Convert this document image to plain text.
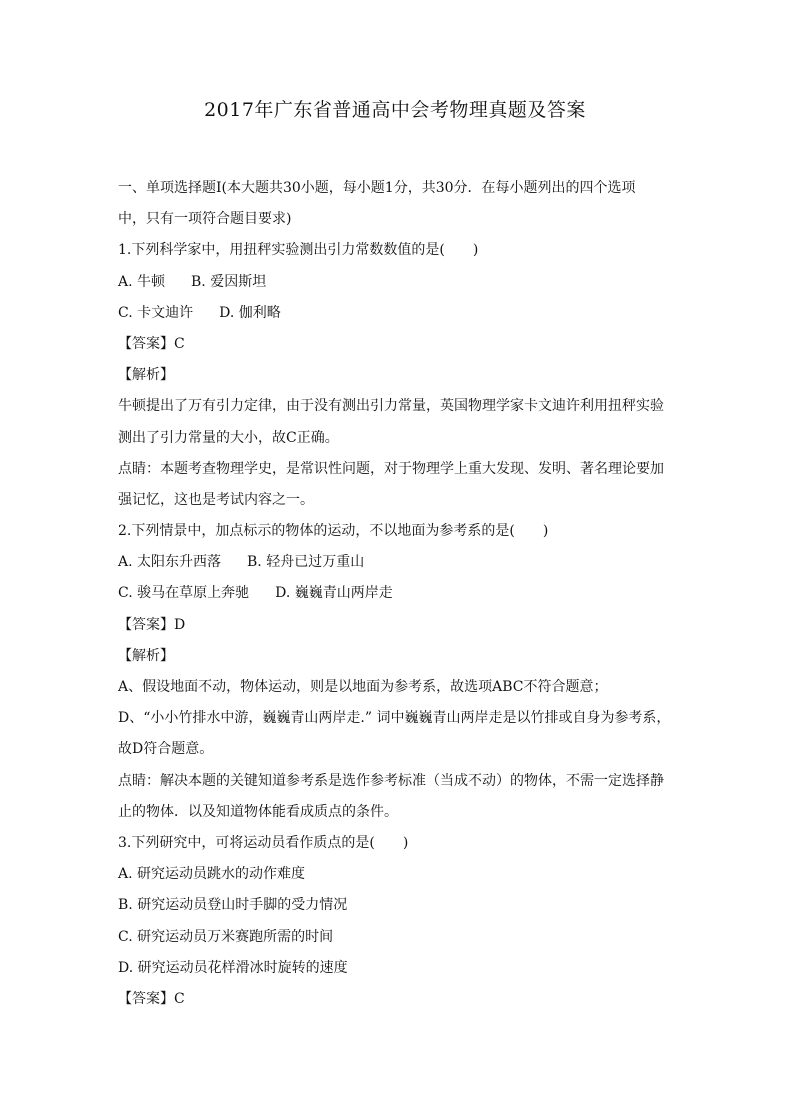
2017年广东省普通高中会考物理真题及答案
一、单项选择题Ⅰ(本大题共30小题，每小题1分，共30分．在每小题列出的四个选项
中，只有一项符合题目要求)
1.下列科学家中，用扭秤实验测出引力常数数值的是(　　)
A. 牛顿 B. 爱因斯坦
C. 卡文迪许 D. 伽利略
【答案】C
【解析】
牛顿提出了万有引力定律，由于没有测出引力常量，英国物理学家卡文迪许利用扭秤实验
测出了引力常量的大小，故C正确。
点睛：本题考查物理学史，是常识性问题，对于物理学上重大发现、发明、著名理论要加
强记忆，这也是考试内容之一。
2.下列情景中，加点标示的物体的运动，不以地面为参考系的是(　　)
A. 太阳东升西落 B. 轻舟已过万重山
C. 骏马在草原上奔驰 D. 巍巍青山两岸走
【答案】D
【解析】
A、假设地面不动，物体运动，则是以地面为参考系，故选项ABC不符合题意；
D、“小小竹排水中游，巍巍青山两岸走.” 词中巍巍青山两岸走是以竹排或自身为参考系，
故D符合题意。
点睛：解决本题的关键知道参考系是选作参考标准（当成不动）的物体，不需一定选择静
止的物体．以及知道物体能看成质点的条件。
3.下列研究中，可将运动员看作质点的是(　　)
A. 研究运动员跳水的动作难度
B. 研究运动员登山时手脚的受力情况
C. 研究运动员万米赛跑所需的时间
D. 研究运动员花样滑冰时旋转的速度
【答案】C
